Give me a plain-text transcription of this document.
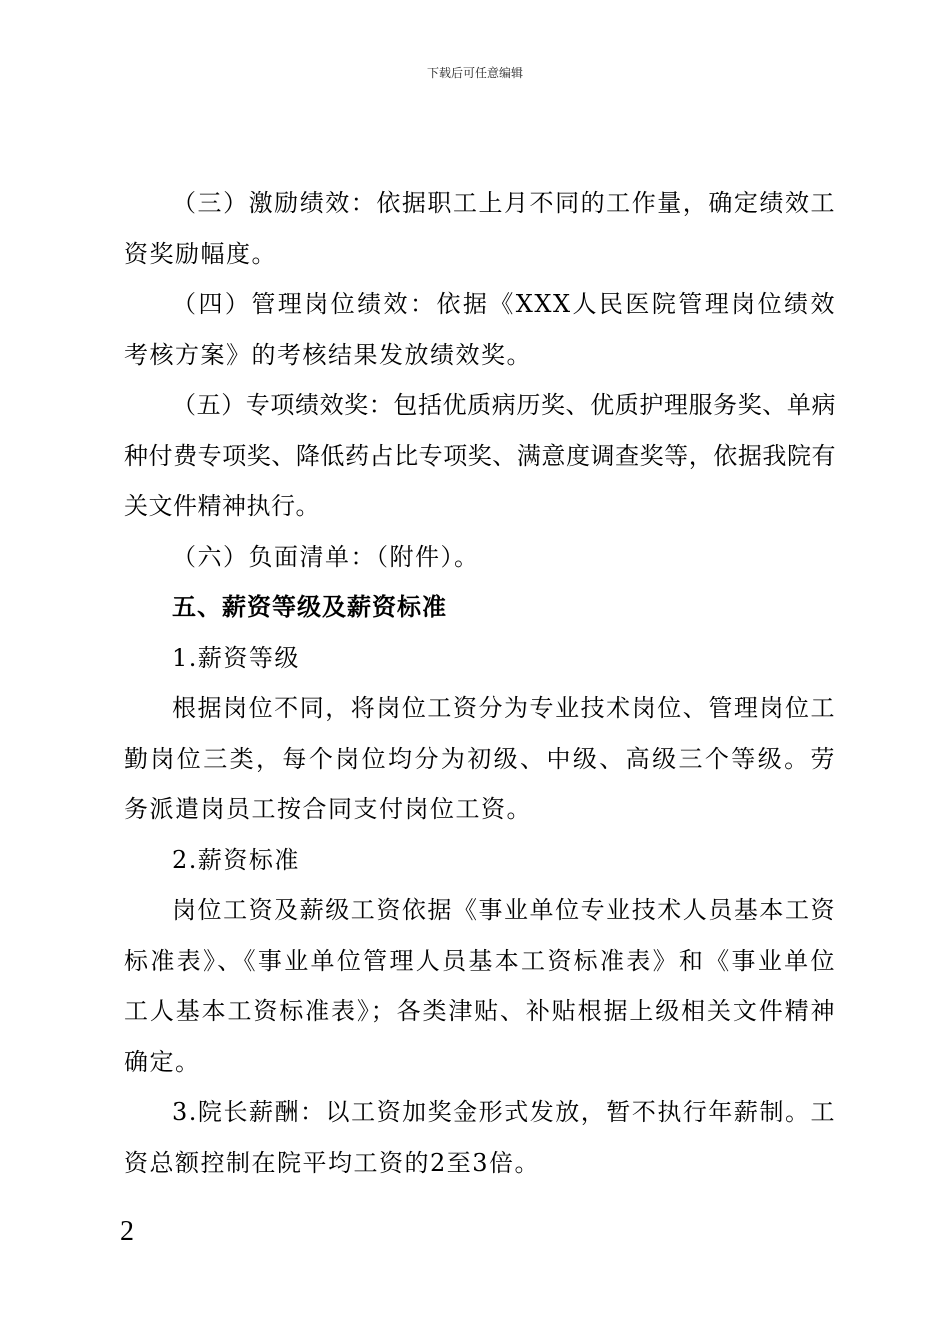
下载后可任意编辑

（三）激励绩效：依据职工上月不同的工作量，确定绩效工资奖励幅度。

（四）管理岗位绩效：依据《XXX人民医院管理岗位绩效考核方案》的考核结果发放绩效奖。

（五）专项绩效奖：包括优质病历奖、优质护理服务奖、单病种付费专项奖、降低药占比专项奖、满意度调查奖等，依据我院有关文件精神执行。

（六）负面清单：（附件）。

五、薪资等级及薪资标准

1.薪资等级

根据岗位不同，将岗位工资分为专业技术岗位、管理岗位工勤岗位三类，每个岗位均分为初级、中级、高级三个等级。劳务派遣岗员工按合同支付岗位工资。

2.薪资标准

岗位工资及薪级工资依据《事业单位专业技术人员基本工资标准表》、《事业单位管理人员基本工资标准表》和《事业单位工人基本工资标准表》；各类津贴、补贴根据上级相关文件精神确定。

3.院长薪酬：以工资加奖金形式发放，暂不执行年薪制。工资总额控制在院平均工资的2至3倍。

2
